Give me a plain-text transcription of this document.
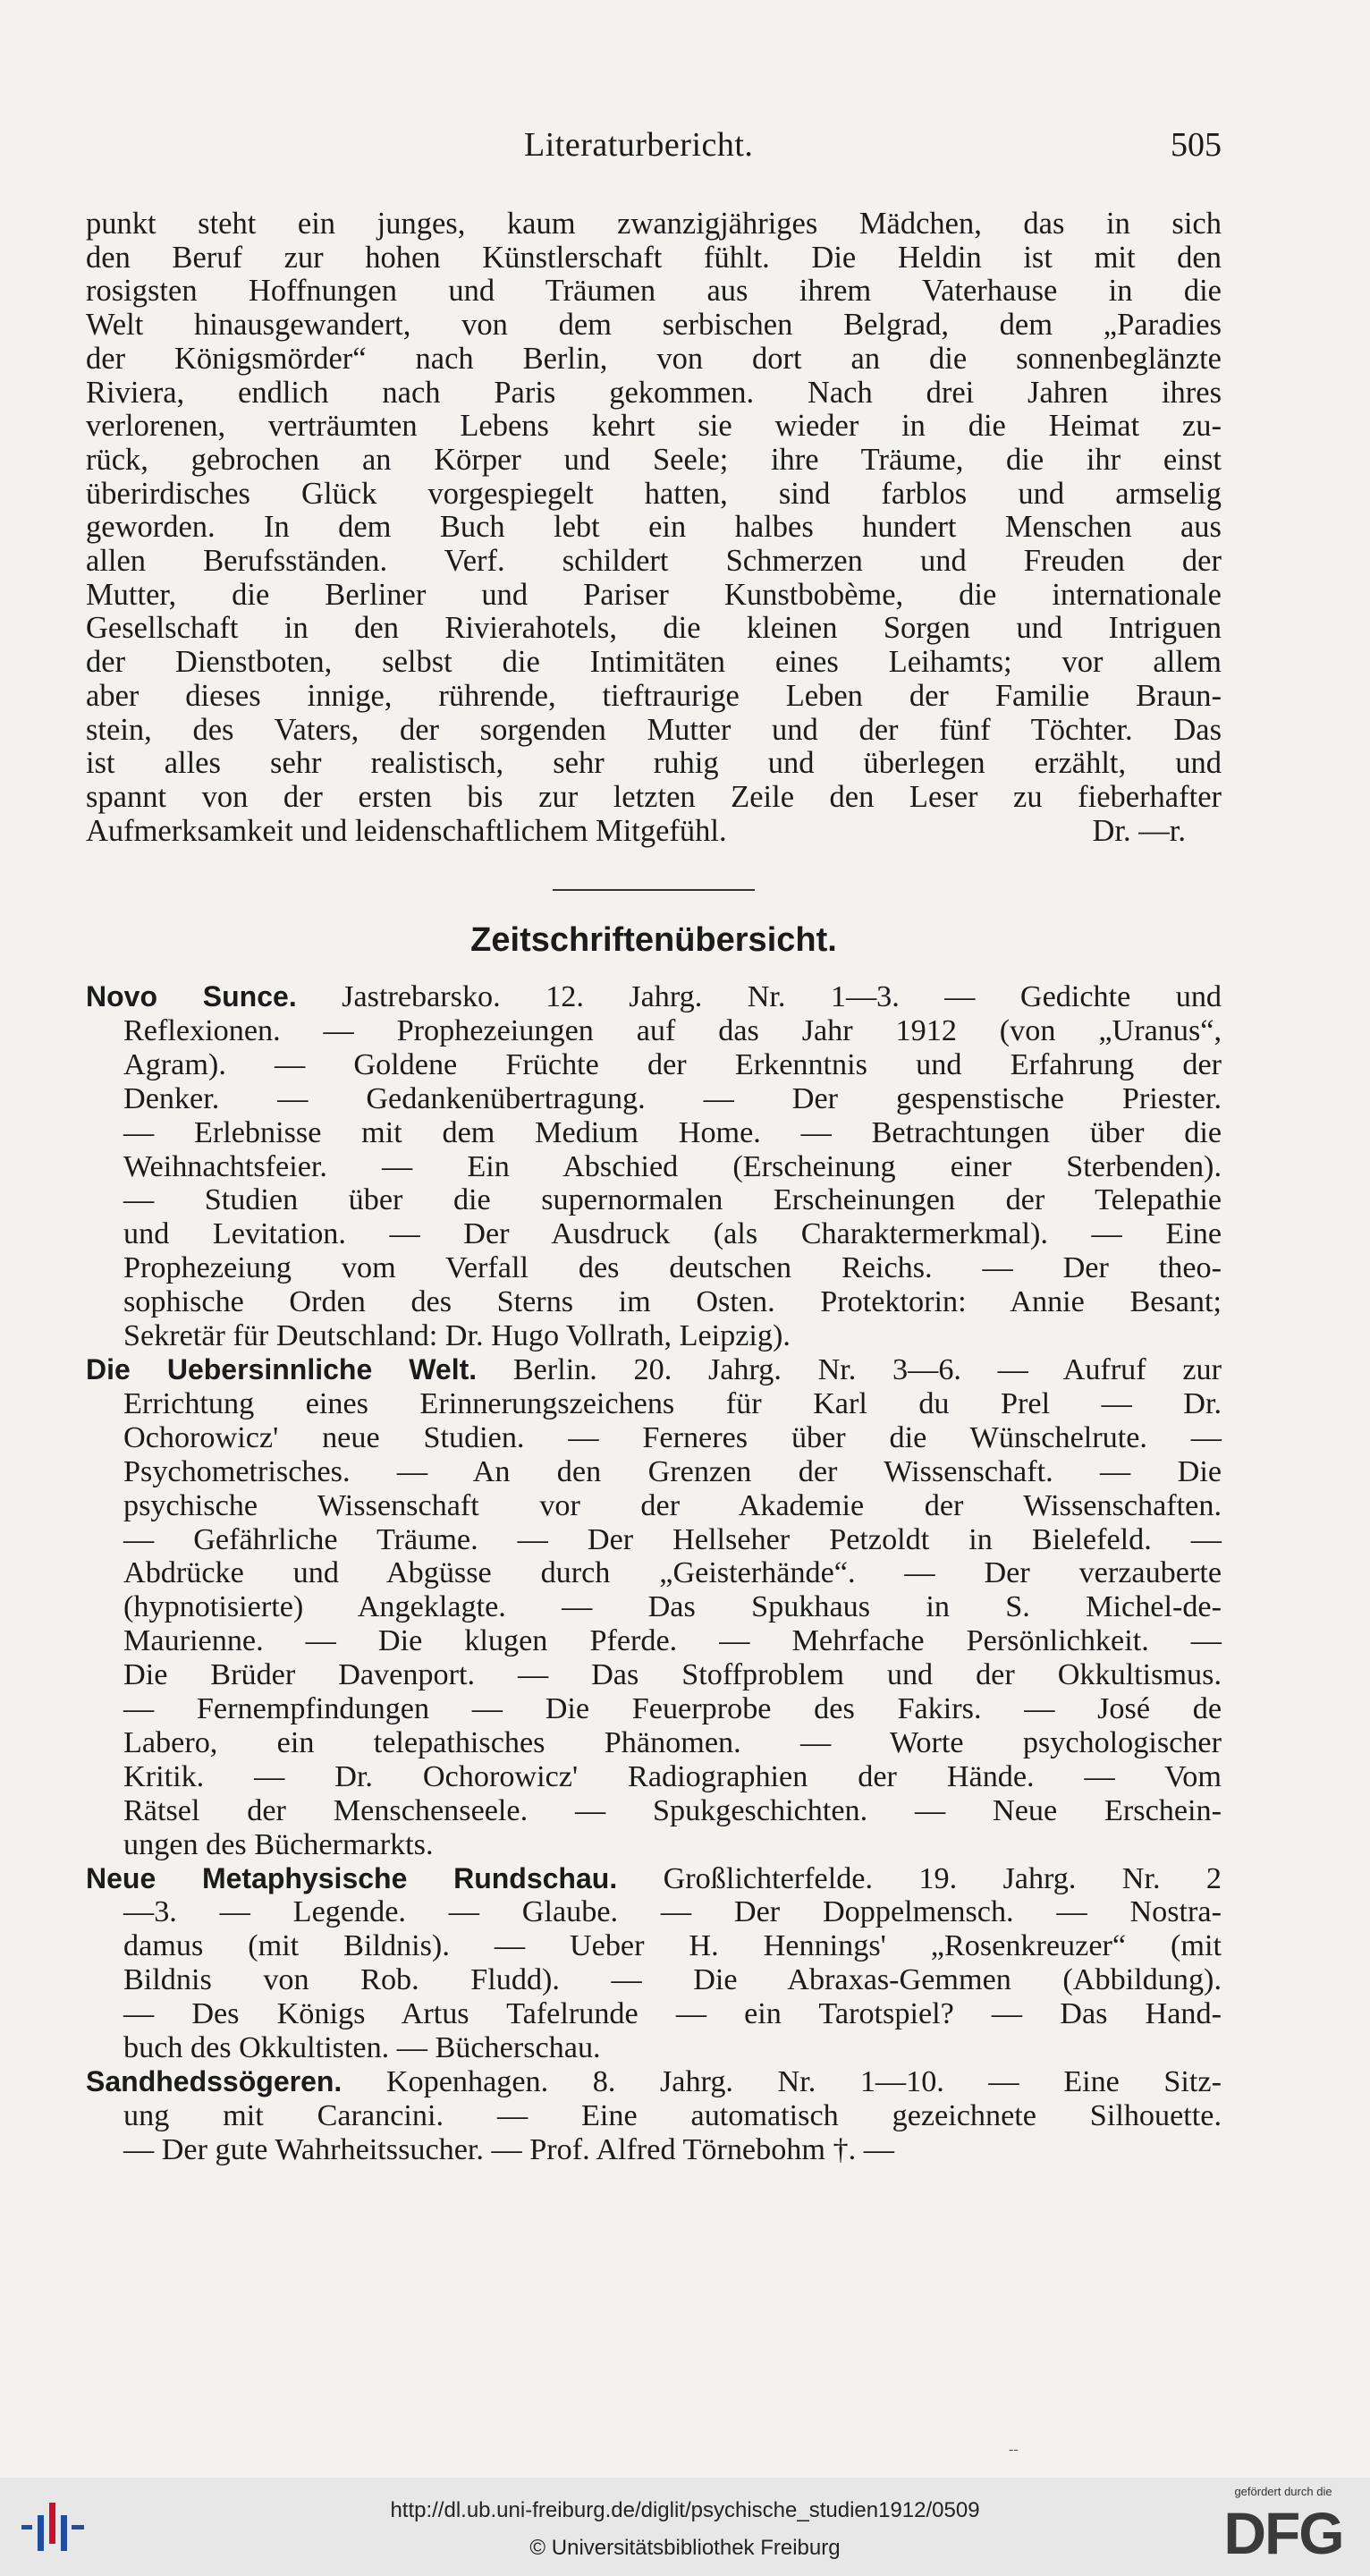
Literaturbericht.	505
punkt steht ein junges, kaum zwanzigjähriges Mädchen, das in sich
den Beruf zur hohen Künstlerschaft fühlt. Die Heldin ist mit den
rosigsten Hoffnungen und Träumen aus ihrem Vaterhause in die
Welt hinausgewandert, von dem serbischen Belgrad, dem „Paradies
der Königsmörder“ nach Berlin, von dort an die sonnenbeglänzte
Riviera, endlich nach Paris gekommen. Nach drei Jahren ihres
verlorenen, verträumten Lebens kehrt sie wieder in die Heimat zu-
rück, gebrochen an Körper und Seele; ihre Träume, die ihr einst
überirdisches Glück vorgespiegelt hatten, sind farblos und armselig
geworden. In dem Buch lebt ein halbes hundert Menschen aus
allen Berufsständen. Verf. schildert Schmerzen und Freuden der
Mutter, die Berliner und Pariser Kunstbobème, die internationale
Gesellschaft in den Rivierahotels, die kleinen Sorgen und Intriguen
der Dienstboten, selbst die Intimitäten eines Leihamts; vor allem
aber dieses innige, rührende, tieftraurige Leben der Familie Braun-
stein, des Vaters, der sorgenden Mutter und der fünf Töchter. Das
ist alles sehr realistisch, sehr ruhig und überlegen erzählt, und
spannt von der ersten bis zur letzten Zeile den Leser zu fieberhafter
Aufmerksamkeit und leidenschaftlichem Mitgefühl.	Dr. —r.
Zeitschriftenübersicht.
Novo Sunce. Jastrebarsko. 12. Jahrg. Nr. 1—3. — Gedichte und
Reflexionen. — Prophezeiungen auf das Jahr 1912 (von „Uranus“,
Agram). — Goldene Früchte der Erkenntnis und Erfahrung der
Denker. — Gedankenübertragung. — Der gespenstische Priester.
— Erlebnisse mit dem Medium Home. — Betrachtungen über die
Weihnachtsfeier. — Ein Abschied (Erscheinung einer Sterbenden).
— Studien über die supernormalen Erscheinungen der Telepathie
und Levitation. — Der Ausdruck (als Charaktermerkmal). — Eine
Prophezeiung vom Verfall des deutschen Reichs. — Der theo-
sophische Orden des Sterns im Osten. Protektorin: Annie Besant;
Sekretär für Deutschland: Dr. Hugo Vollrath, Leipzig).
Die Uebersinnliche Welt. Berlin. 20. Jahrg. Nr. 3—6. — Aufruf zur
Errichtung eines Erinnerungszeichens für Karl du Prel — Dr.
Ochorowicz' neue Studien. — Ferneres über die Wünschelrute. —
Psychometrisches. — An den Grenzen der Wissenschaft. — Die
psychische Wissenschaft vor der Akademie der Wissenschaften.
— Gefährliche Träume. — Der Hellseher Petzoldt in Bielefeld. —
Abdrücke und Abgüsse durch „Geisterhände“. — Der verzauberte
(hypnotisierte) Angeklagte. — Das Spukhaus in S. Michel-de-
Maurienne. — Die klugen Pferde. — Mehrfache Persönlichkeit. —
Die Brüder Davenport. — Das Stoffproblem und der Okkultismus.
— Fernempfindungen — Die Feuerprobe des Fakirs. — José de
Labero, ein telepathisches Phänomen. — Worte psychologischer
Kritik. — Dr. Ochorowicz' Radiographien der Hände. — Vom
Rätsel der Menschenseele. — Spukgeschichten. — Neue Erschein-
ungen des Büchermarkts.
Neue Metaphysische Rundschau. Großlichterfelde. 19. Jahrg. Nr. 2
—3. — Legende. — Glaube. — Der Doppelmensch. — Nostra-
damus (mit Bildnis). — Ueber H. Hennings' „Rosenkreuzer“ (mit
Bildnis von Rob. Fludd). — Die Abraxas-Gemmen (Abbildung).
— Des Königs Artus Tafelrunde — ein Tarotspiel? — Das Hand-
buch des Okkultisten. — Bücherschau.
Sandhedssögeren. Kopenhagen. 8. Jahrg. Nr. 1—10. — Eine Sitz-
ung mit Carancini. — Eine automatisch gezeichnete Silhouette.
— Der gute Wahrheitssucher. — Prof. Alfred Törnebohm †. —
--
http://dl.ub.uni-freiburg.de/diglit/psychische_studien1912/0509
© Universitätsbibliothek Freiburg
gefördert durch die
DFG
